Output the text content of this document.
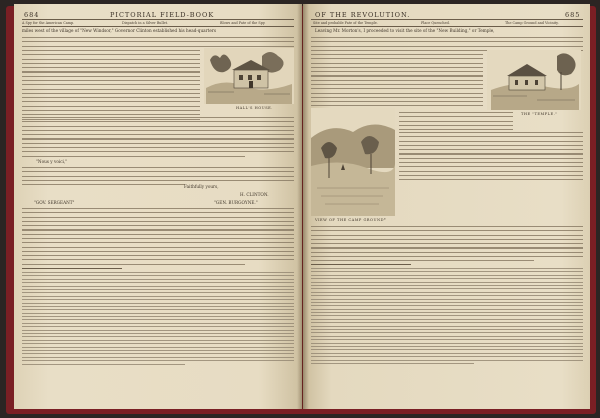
684	PICTORIAL FIELD-BOOK
A Spy for the American Camp.	Dispatch in a Silver Bullet.	Blows and Fate of the Spy.
miles west of the village of "New Windsor," Governor Clinton established his head-quarters
HALL'S HOUSE.
"Nous y voici,"
Faithfully yours,
H. CLINTON.
"GOV. SERGEANT"	"GEN. BURGOYNE."
OF THE REVOLUTION.	685
Site and probable Fate of the Temple.	Place Quenched.	The Camp Ground and Vicinity.
Leaving Mr. Morton's, I proceeded to visit the site of the "New Building," or Temple,
THE "TEMPLE."
VIEW OF THE CAMP GROUND*
